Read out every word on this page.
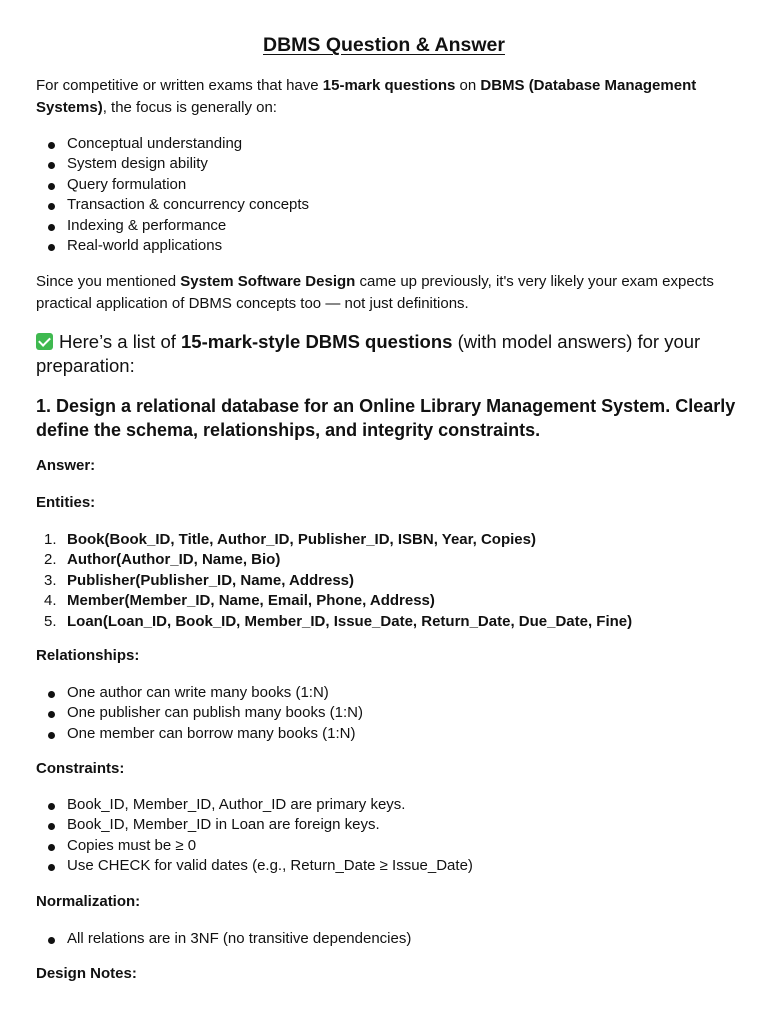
DBMS Question & Answer

For competitive or written exams that have 15-mark questions on DBMS (Database Management Systems), the focus is generally on:

Conceptual understanding
System design ability
Query formulation
Transaction & concurrency concepts
Indexing & performance
Real-world applications

Since you mentioned System Software Design came up previously, it's very likely your exam expects practical application of DBMS concepts too — not just definitions.

Here’s a list of 15-mark-style DBMS questions (with model answers) for your preparation:

1. Design a relational database for an Online Library Management System. Clearly define the schema, relationships, and integrity constraints.

Answer:

Entities:

1. Book(Book_ID, Title, Author_ID, Publisher_ID, ISBN, Year, Copies)
2. Author(Author_ID, Name, Bio)
3. Publisher(Publisher_ID, Name, Address)
4. Member(Member_ID, Name, Email, Phone, Address)
5. Loan(Loan_ID, Book_ID, Member_ID, Issue_Date, Return_Date, Due_Date, Fine)

Relationships:

One author can write many books (1:N)
One publisher can publish many books (1:N)
One member can borrow many books (1:N)

Constraints:

Book_ID, Member_ID, Author_ID are primary keys.
Book_ID, Member_ID in Loan are foreign keys.
Copies must be ≥ 0
Use CHECK for valid dates (e.g., Return_Date ≥ Issue_Date)

Normalization:

All relations are in 3NF (no transitive dependencies)

Design Notes:
